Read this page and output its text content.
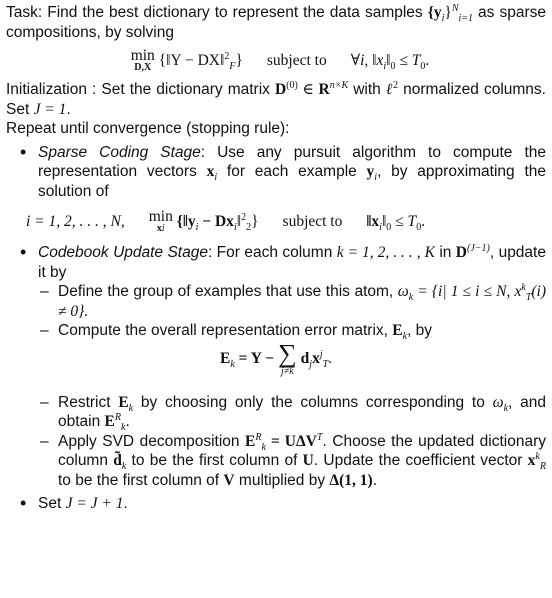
Task: Find the best dictionary to represent the data samples $\{y_i\}^N_{i=1}$ as sparse compositions, by solving

min
D,X {‖Y − DX‖$^2_F$} subject to ∀i, $‖x_i‖_0 \le T_0$.

Initialization : Set the dictionary matrix $D^{(0)}$ ∈ $R^{n\times K}$ with ℓ$^2$ normalized columns. Set J = 1.

Repeat until convergence (stopping rule):

• Sparse Coding Stage: Use any pursuit algorithm to compute the representation vectors $x_i$ for each example $y_i$, by approximating the solution of

i = 1, 2, . . . , N, min
xi {$‖y_i$ − $Dx_i‖^2_2$} subject to $‖x_i‖_0 \le T_0$.

• Codebook Update Stage: For each column k = 1, 2, . . . , K in $D^{(J-1)}$, update it by

– Define the group of examples that use this atom, $\omega_k = \{i|$ 1 ≤ i ≤ N, $x^k_T(i) \ne 0$}.

– Compute the overall representation error matrix, $E_k$, by

$E_k = Y$ − ∑
j≠k
$d_jx^j_T$.

– Restrict $E_k$ by choosing only the columns corresponding to $\omega_k$, and obtain $E^R_k$.

– Apply SVD decomposition $E^R_k = U\Delta V^T$. Choose the updated dictionary column $d̃_k$ to be the first column of U. Update the coefficient vector $x^k_R$ to be the first column of V multiplied by Δ(1, 1).

• Set J = J + 1.
